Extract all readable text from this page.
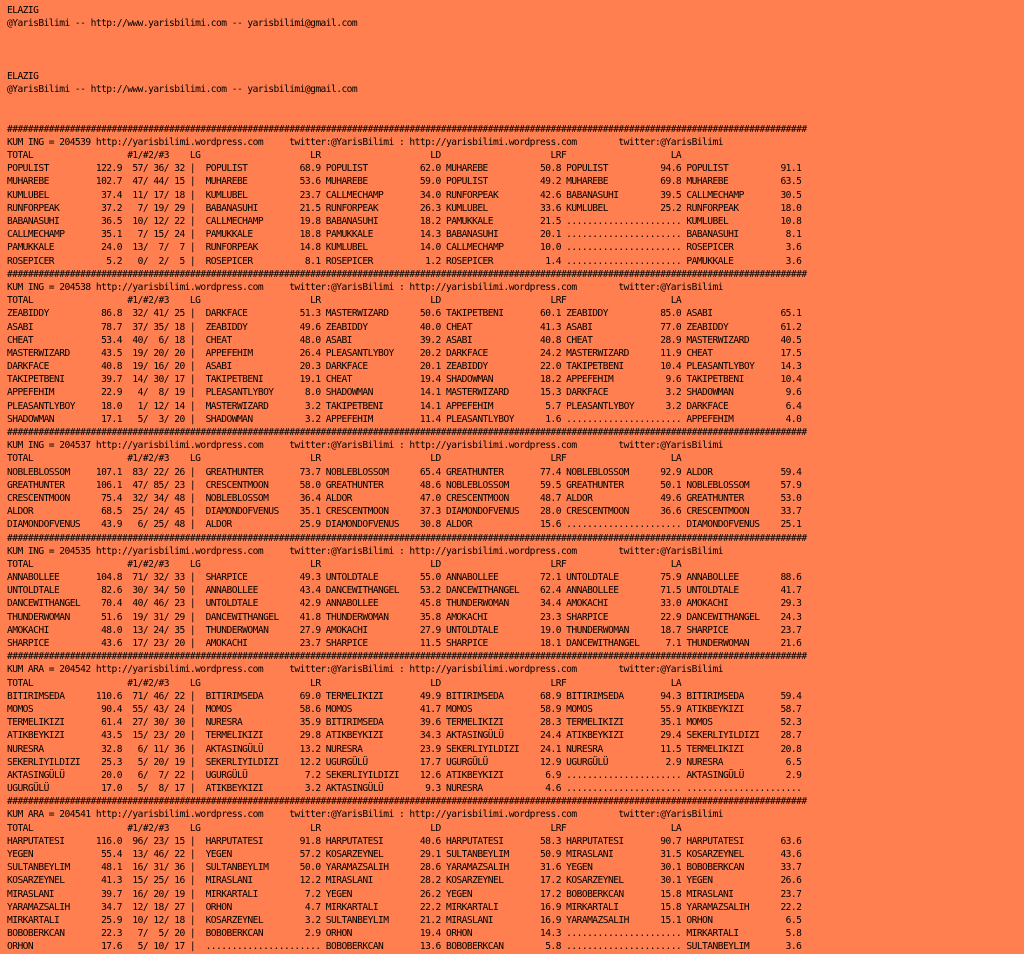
ELAZIG
@YarisBilimi -- http://www.yarisbilimi.com -- yarisbilimi@gmail.com
ELAZIG
@YarisBilimi -- http://www.yarisbilimi.com -- yarisbilimi@gmail.com
#########################################################################################################################################################
KUM ING = 204539 http://yarisbilimi.wordpress.com     twitter:@YarisBilimi : http://yarisbilimi.wordpress.com        twitter:@YarisBilimi
TOTAL                  #1/#2/#3    LG                     LR                     LD                     LRF                    LA
POPULIST         122.9  57/ 36/ 32 |  POPULIST          68.9 POPULIST          62.0 MUHAREBE          50.8 POPULIST          94.6 POPULIST          91.1
MUHAREBE         102.7  47/ 44/ 15 |  MUHAREBE          53.6 MUHAREBE          59.0 POPULIST          49.2 MUHAREBE          69.8 MUHAREBE          63.5
KUMLUBEL          37.4  11/ 17/ 18 |  KUMLUBEL          23.7 CALLMECHAMP       34.0 RUNFORPEAK        42.6 BABANASUHI        39.5 CALLMECHAMP       30.5
RUNFORPEAK        37.2   7/ 19/ 29 |  BABANASUHI        21.5 RUNFORPEAK        26.3 KUMLUBEL          33.6 KUMLUBEL          25.2 RUNFORPEAK        18.0
BABANASUHI        36.5  10/ 12/ 22 |  CALLMECHAMP       19.8 BABANASUHI        18.2 PAMUKKALE         21.5 ...................... KUMLUBEL          10.8
CALLMECHAMP       35.1   7/ 15/ 24 |  PAMUKKALE         18.8 PAMUKKALE         14.3 BABANASUHI        20.1 ...................... BABANASUHI         8.1
PAMUKKALE         24.0  13/  7/  7 |  RUNFORPEAK        14.8 KUMLUBEL          14.0 CALLMECHAMP       10.0 ...................... ROSEPICER          3.6
ROSEPICER          5.2   0/  2/  5 |  ROSEPICER          8.1 ROSEPICER          1.2 ROSEPICER          1.4 ...................... PAMUKKALE          3.6
#########################################################################################################################################################
KUM ING = 204538 http://yarisbilimi.wordpress.com     twitter:@YarisBilimi : http://yarisbilimi.wordpress.com        twitter:@YarisBilimi
TOTAL                  #1/#2/#3    LG                     LR                     LD                     LRF                    LA
ZEABIDDY          86.8  32/ 41/ 25 |  DARKFACE          51.3 MASTERWIZARD      50.6 TAKIPETBENI       60.1 ZEABIDDY          85.0 ASABI             65.1
ASABI             78.7  37/ 35/ 18 |  ZEABIDDY          49.6 ZEABIDDY          40.0 CHEAT             41.3 ASABI             77.0 ZEABIDDY          61.2
CHEAT             53.4  40/  6/ 18 |  CHEAT             48.0 ASABI             39.2 ASABI             40.8 CHEAT             28.9 MASTERWIZARD      40.5
MASTERWIZARD      43.5  19/ 20/ 20 |  APPEFEHIM         26.4 PLEASANTLYBOY     20.2 DARKFACE          24.2 MASTERWIZARD      11.9 CHEAT             17.5
DARKFACE          40.8  19/ 16/ 20 |  ASABI             20.3 DARKFACE          20.1 ZEABIDDY          22.0 TAKIPETBENI       10.4 PLEASANTLYBOY     14.3
TAKIPETBENI       39.7  14/ 30/ 17 |  TAKIPETBENI       19.1 CHEAT             19.4 SHADOWMAN         18.2 APPEFEHIM          9.6 TAKIPETBENI       10.4
APPEFEHIM         22.9   4/  8/ 19 |  PLEASANTLYBOY      8.0 SHADOWMAN         14.1 MASTERWIZARD      15.3 DARKFACE           3.2 SHADOWMAN          9.6
PLEASANTLYBOY     18.0   1/ 12/ 14 |  MASTERWIZARD       3.2 TAKIPETBENI       14.1 APPEFEHIM          5.7 PLEASANTLYBOY      3.2 DARKFACE           6.4
SHADOWMAN         17.1   5/  3/ 20 |  SHADOWMAN          3.2 APPEFEHIM         11.4 PLEASANTLYBOY      1.6 ...................... APPEFEHIM          4.0
#########################################################################################################################################################
KUM ING = 204537 http://yarisbilimi.wordpress.com     twitter:@YarisBilimi : http://yarisbilimi.wordpress.com        twitter:@YarisBilimi
TOTAL                  #1/#2/#3    LG                     LR                     LD                     LRF                    LA
NOBLEBLOSSOM     107.1  83/ 22/ 26 |  GREATHUNTER       73.7 NOBLEBLOSSOM      65.4 GREATHUNTER       77.4 NOBLEBLOSSOM      92.9 ALDOR             59.4
GREATHUNTER      106.1  47/ 85/ 23 |  CRESCENTMOON      58.0 GREATHUNTER       48.6 NOBLEBLOSSOM      59.5 GREATHUNTER       50.1 NOBLEBLOSSOM      57.9
CRESCENTMOON      75.4  32/ 34/ 48 |  NOBLEBLOSSOM      36.4 ALDOR             47.0 CRESCENTMOON      48.7 ALDOR             49.6 GREATHUNTER       53.0
ALDOR             68.5  25/ 24/ 45 |  DIAMONDOFVENUS    35.1 CRESCENTMOON      37.3 DIAMONDOFVENUS    28.0 CRESCENTMOON      36.6 CRESCENTMOON      33.7
DIAMONDOFVENUS    43.9   6/ 25/ 48 |  ALDOR             25.9 DIAMONDOFVENUS    30.8 ALDOR             15.6 ...................... DIAMONDOFVENUS    25.1
#########################################################################################################################################################
KUM ING = 204535 http://yarisbilimi.wordpress.com     twitter:@YarisBilimi : http://yarisbilimi.wordpress.com        twitter:@YarisBilimi
TOTAL                  #1/#2/#3    LG                     LR                     LD                     LRF                    LA
ANNABOLLEE       104.8  71/ 32/ 33 |  SHARPICE          49.3 UNTOLDTALE        55.0 ANNABOLLEE        72.1 UNTOLDTALE        75.9 ANNABOLLEE        88.6
UNTOLDTALE        82.6  30/ 34/ 50 |  ANNABOLLEE        43.4 DANCEWITHANGEL    53.2 DANCEWITHANGEL    62.4 ANNABOLLEE        71.5 UNTOLDTALE        41.7
DANCEWITHANGEL    70.4  40/ 46/ 23 |  UNTOLDTALE        42.9 ANNABOLLEE        45.8 THUNDERWOMAN      34.4 AMOKACHI          33.0 AMOKACHI          29.3
THUNDERWOMAN      51.6  19/ 31/ 29 |  DANCEWITHANGEL    41.8 THUNDERWOMAN      35.8 AMOKACHI          23.3 SHARPICE          22.9 DANCEWITHANGEL    24.3
AMOKACHI          48.0  13/ 24/ 35 |  THUNDERWOMAN      27.9 AMOKACHI          27.9 UNTOLDTALE        19.0 THUNDERWOMAN      18.7 SHARPICE          23.7
SHARPICE          43.6  17/ 23/ 20 |  AMOKACHI          23.7 SHARPICE          11.5 SHARPICE          18.1 DANCEWITHANGEL     7.1 THUNDERWOMAN      21.6
#########################################################################################################################################################
KUM ARA = 204542 http://yarisbilimi.wordpress.com     twitter:@YarisBilimi : http://yarisbilimi.wordpress.com        twitter:@YarisBilimi
TOTAL                  #1/#2/#3    LG                     LR                     LD                     LRF                    LA
BITIRIMSEDA      110.6  71/ 46/ 22 |  BITIRIMSEDA       69.0 TERMELIKIZI       49.9 BITIRIMSEDA       68.9 BITIRIMSEDA       94.3 BITIRIMSEDA       59.4
MOMOS             90.4  55/ 43/ 24 |  MOMOS             58.6 MOMOS             41.7 MOMOS             58.9 MOMOS             55.9 ATIKBEYKIZI       58.7
TERMELIKIZI       61.4  27/ 30/ 30 |  NURESRA           35.9 BITIRIMSEDA       39.6 TERMELIKIZI       28.3 TERMELIKIZI       35.1 MOMOS             52.3
ATIKBEYKIZI       43.5  15/ 23/ 20 |  TERMELIKIZI       29.8 ATIKBEYKIZI       34.3 AKTASINGÜLÜ       24.4 ATIKBEYKIZI       29.4 SEKERLIYILDIZI    28.7
NURESRA           32.8   6/ 11/ 36 |  AKTASINGÜLÜ       13.2 NURESRA           23.9 SEKERLIYILDIZI    24.1 NURESRA           11.5 TERMELIKIZI       20.8
SEKERLIYILDIZI    25.3   5/ 20/ 19 |  SEKERLIYILDIZI    12.2 UGURGÜLÜ          17.7 UGURGÜLÜ          12.9 UGURGÜLÜ           2.9 NURESRA            6.5
AKTASINGÜLÜ       20.0   6/  7/ 22 |  UGURGÜLÜ           7.2 SEKERLIYILDIZI    12.6 ATIKBEYKIZI        6.9 ...................... AKTASINGÜLÜ        2.9
UGURGÜLÜ          17.0   5/  8/ 17 |  ATIKBEYKIZI        3.2 AKTASINGÜLÜ        9.3 NURESRA            4.6 ...................... ......................
#########################################################################################################################################################
KUM ARA = 204541 http://yarisbilimi.wordpress.com     twitter:@YarisBilimi : http://yarisbilimi.wordpress.com        twitter:@YarisBilimi
TOTAL                  #1/#2/#3    LG                     LR                     LD                     LRF                    LA
HARPUTATESI      116.0  96/ 23/ 15 |  HARPUTATESI       91.8 HARPUTATESI       40.6 HARPUTATESI       58.3 HARPUTATESI       90.7 HARPUTATESI       63.6
YEGEN             55.4  13/ 46/ 22 |  YEGEN             57.2 KOSARZEYNEL       29.1 SULTANBEYLIM      50.9 MIRASLANI         31.5 KOSARZEYNEL       43.6
SULTANBEYLIM      48.1  16/ 31/ 36 |  SULTANBEYLIM      50.0 YARAMAZSALIH      28.6 YARAMAZSALIH      31.6 YEGEN             30.1 BOBOBERKCAN       33.7
KOSARZEYNEL       41.3  15/ 25/ 16 |  MIRASLANI         12.2 MIRASLANI         28.2 KOSARZEYNEL       17.2 KOSARZEYNEL       30.1 YEGEN             26.6
MIRASLANI         39.7  16/ 20/ 19 |  MIRKARTALI         7.2 YEGEN             26.2 YEGEN             17.2 BOBOBERKCAN       15.8 MIRASLANI         23.7
YARAMAZSALIH      34.7  12/ 18/ 27 |  ORHON              4.7 MIRKARTALI        22.2 MIRKARTALI        16.9 MIRKARTALI        15.8 YARAMAZSALIH      22.2
MIRKARTALI        25.9  10/ 12/ 18 |  KOSARZEYNEL        3.2 SULTANBEYLIM      21.2 MIRASLANI         16.9 YARAMAZSALIH      15.1 ORHON              6.5
BOBOBERKCAN       22.3   7/  5/ 20 |  BOBOBERKCAN        2.9 ORHON             19.4 ORHON             14.3 ...................... MIRKARTALI         5.8
ORHON             17.6   5/ 10/ 17 |  ...................... BOBOBERKCAN       13.6 BOBOBERKCAN        5.8 ...................... SULTANBEYLIM       3.6
